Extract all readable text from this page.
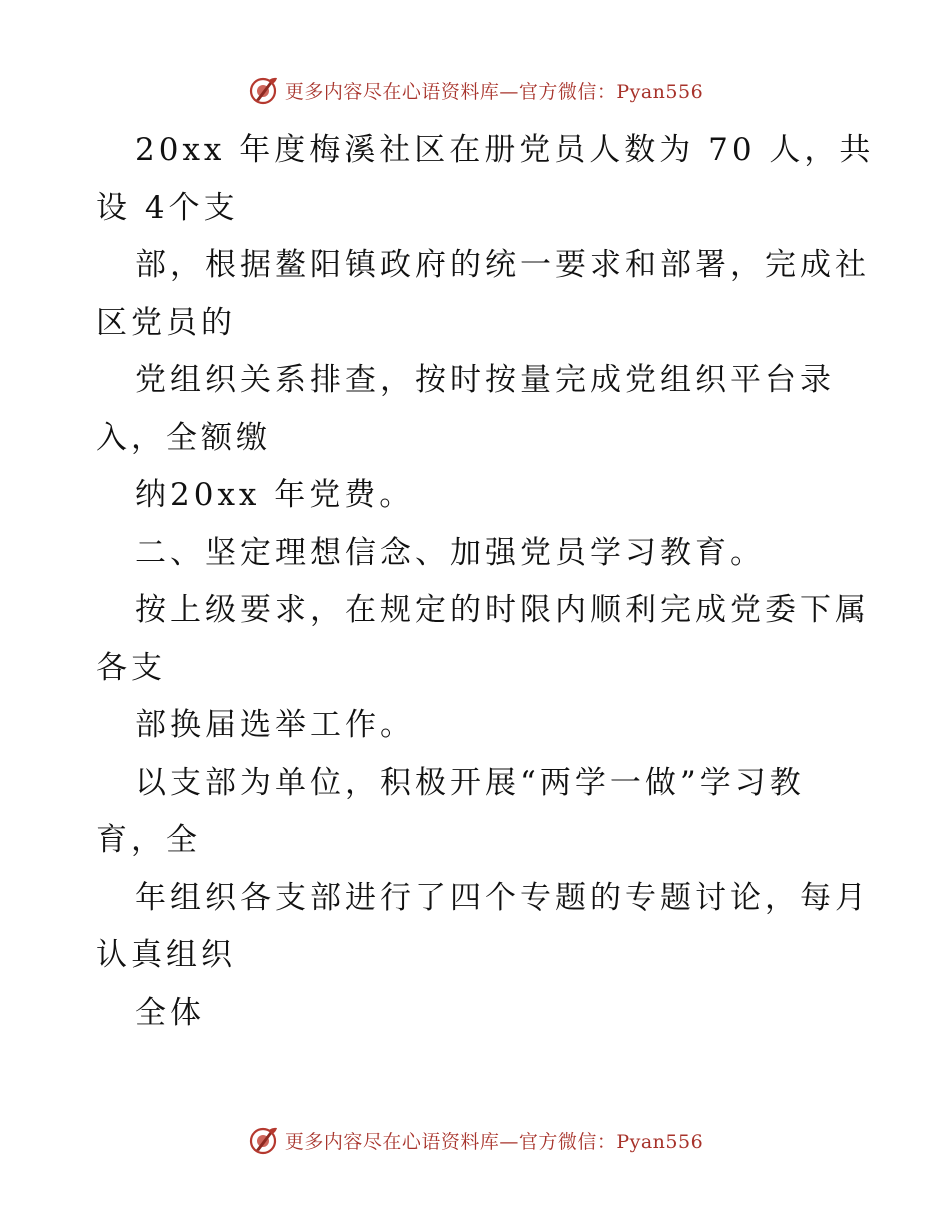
更多内容尽在心语资料库—官方微信：Pyan556
20xx 年度梅溪社区在册党员人数为 70 人，共
设 4个支
部，根据鳌阳镇政府的统一要求和部署，完成社
区党员的
党组织关系排查，按时按量完成党组织平台录
入，全额缴
纳20xx 年党费。
二、坚定理想信念、加强党员学习教育。
按上级要求，在规定的时限内顺利完成党委下属
各支
部换届选举工作。
以支部为单位，积极开展“两学一做”学习教
育，全
年组织各支部进行了四个专题的专题讨论，每月
认真组织
全体
更多内容尽在心语资料库—官方微信：Pyan556
